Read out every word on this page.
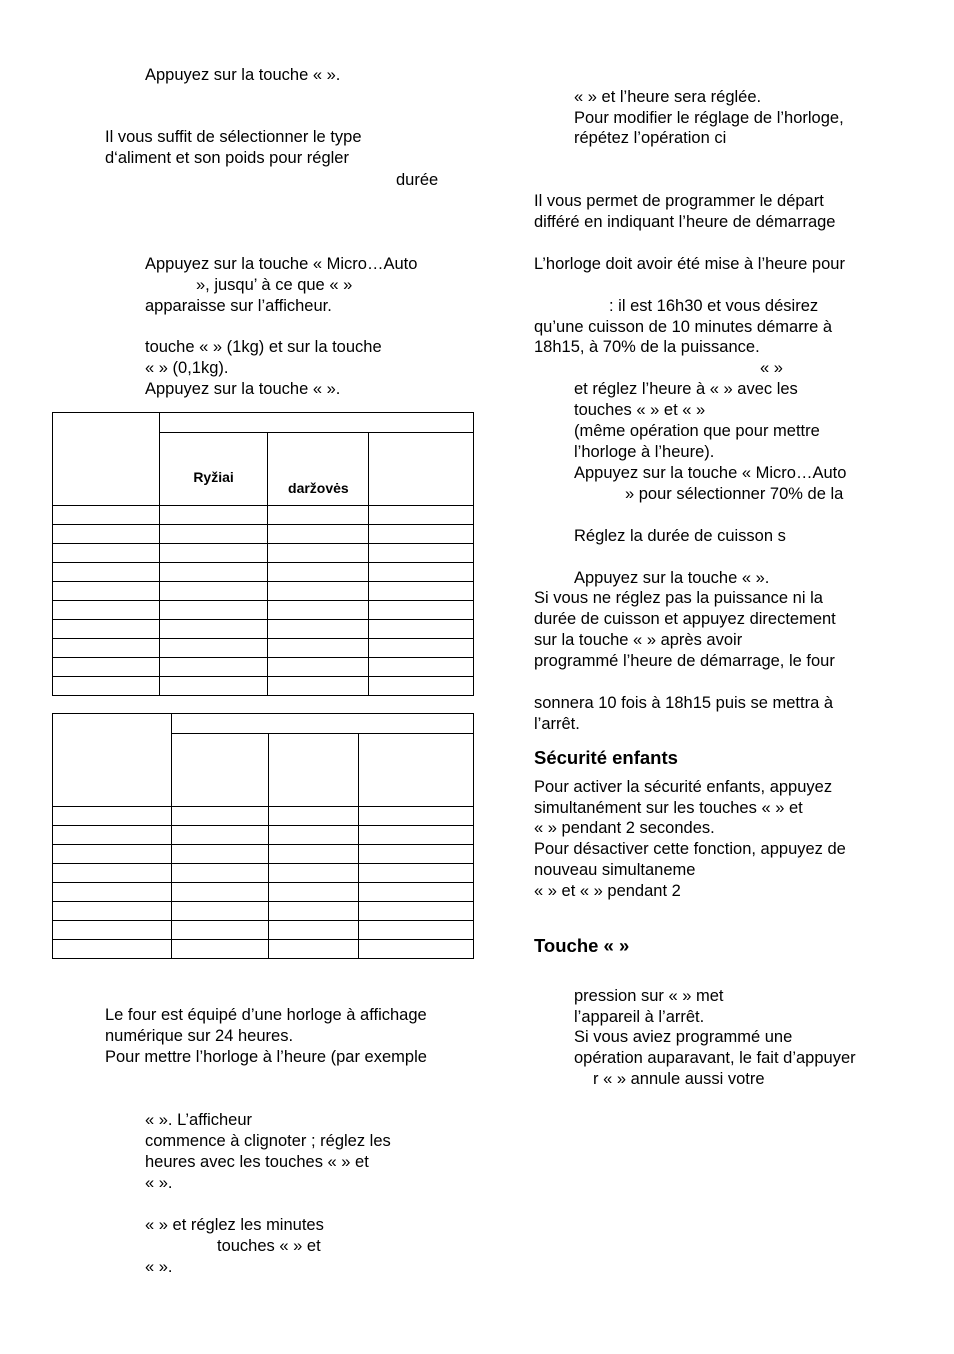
Appuyez sur la touche « ».
Il vous suffit de sélectionner le type
d‘aliment et son poids pour régler
durée
Appuyez sur la touche « Micro…Auto
», jusqu’ à ce que « »
apparaisse sur l’afficheur.
touche « » (1kg) et sur la touche
« » (0,1kg).
Appuyez sur la touche « ».

	Ryžiai	daržovės	

Le four est équipé d’une horloge à affichage
numérique sur 24 heures.
Pour mettre l’horloge à l’heure (par exemple
« ». L’afficheur
commence à clignoter ; réglez les
heures avec les touches « » et
« ».
« » et réglez les minutes
touches « » et
« ».
« » et l’heure sera réglée.
Pour modifier le réglage de l’horloge,
répétez l’opération ci
Il vous permet de programmer le départ
différé en indiquant l’heure de démarrage
L’horloge doit avoir été mise à l’heure pour
: il est 16h30 et vous désirez
qu’une cuisson de 10 minutes démarre à
18h15, à 70% de la puissance.
« »
et réglez l’heure à « » avec les
touches « » et « »
(même opération que pour mettre
l’horloge à l’heure).
Appuyez sur la touche « Micro…Auto
» pour sélectionner 70% de la
Réglez la durée de cuisson s
Appuyez sur la touche « ».
Si vous ne réglez pas la puissance ni la
durée de cuisson et appuyez directement
sur la touche « » après avoir
programmé l’heure de démarrage, le four
sonnera 10 fois à 18h15 puis se mettra à
l’arrêt.
Sécurité enfants
Pour activer la sécurité enfants, appuyez
simultanément sur les touches « » et
« » pendant 2 secondes.
Pour désactiver cette fonction, appuyez de
nouveau simultaneme
« » et « » pendant 2
Touche « »
pression sur « » met
l’appareil à l’arrêt.
Si vous aviez programmé une
opération auparavant, le fait d’appuyer
r « » annule aussi votre
